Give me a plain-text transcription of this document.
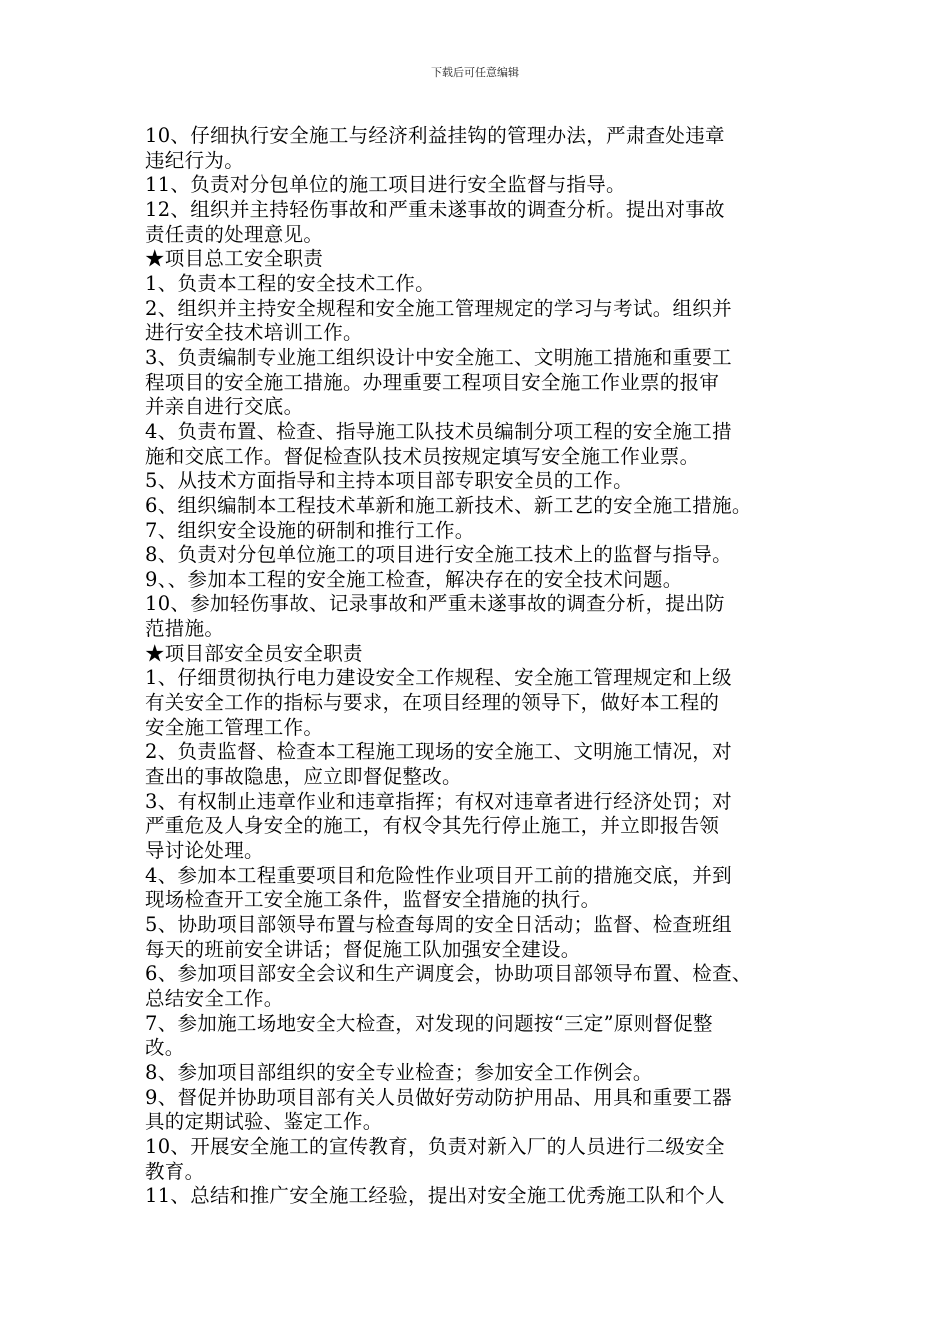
下载后可任意编辑
10、仔细执行安全施工与经济利益挂钩的管理办法，严肃查处违章
违纪行为。
11、负责对分包单位的施工项目进行安全监督与指导。
12、组织并主持轻伤事故和严重未遂事故的调查分析。提出对事故
责任责的处理意见。
★项目总工安全职责
1、负责本工程的安全技术工作。
2、组织并主持安全规程和安全施工管理规定的学习与考试。组织并
进行安全技术培训工作。
3、负责编制专业施工组织设计中安全施工、文明施工措施和重要工
程项目的安全施工措施。办理重要工程项目安全施工作业票的报审
并亲自进行交底。
4、负责布置、检查、指导施工队技术员编制分项工程的安全施工措
施和交底工作。督促检查队技术员按规定填写安全施工作业票。
5、从技术方面指导和主持本项目部专职安全员的工作。
6、组织编制本工程技术革新和施工新技术、新工艺的安全施工措施。
7、组织安全设施的研制和推行工作。
8、负责对分包单位施工的项目进行安全施工技术上的监督与指导。
9、、参加本工程的安全施工检查，解决存在的安全技术问题。
10、参加轻伤事故、记录事故和严重未遂事故的调查分析，提出防
范措施。
★项目部安全员安全职责
1、仔细贯彻执行电力建设安全工作规程、安全施工管理规定和上级
有关安全工作的指标与要求，在项目经理的领导下，做好本工程的
安全施工管理工作。
2、负责监督、检查本工程施工现场的安全施工、文明施工情况，对
查出的事故隐患，应立即督促整改。
3、有权制止违章作业和违章指挥；有权对违章者进行经济处罚；对
严重危及人身安全的施工，有权令其先行停止施工，并立即报告领
导讨论处理。
4、参加本工程重要项目和危险性作业项目开工前的措施交底，并到
现场检查开工安全施工条件，监督安全措施的执行。
5、协助项目部领导布置与检查每周的安全日活动；监督、检查班组
每天的班前安全讲话；督促施工队加强安全建设。
6、参加项目部安全会议和生产调度会，协助项目部领导布置、检查、
总结安全工作。
7、参加施工场地安全大检查，对发现的问题按“三定”原则督促整
改。
8、参加项目部组织的安全专业检查；参加安全工作例会。
9、督促并协助项目部有关人员做好劳动防护用品、用具和重要工器
具的定期试验、鉴定工作。
10、开展安全施工的宣传教育，负责对新入厂的人员进行二级安全
教育。
11、总结和推广安全施工经验，提出对安全施工优秀施工队和个人
